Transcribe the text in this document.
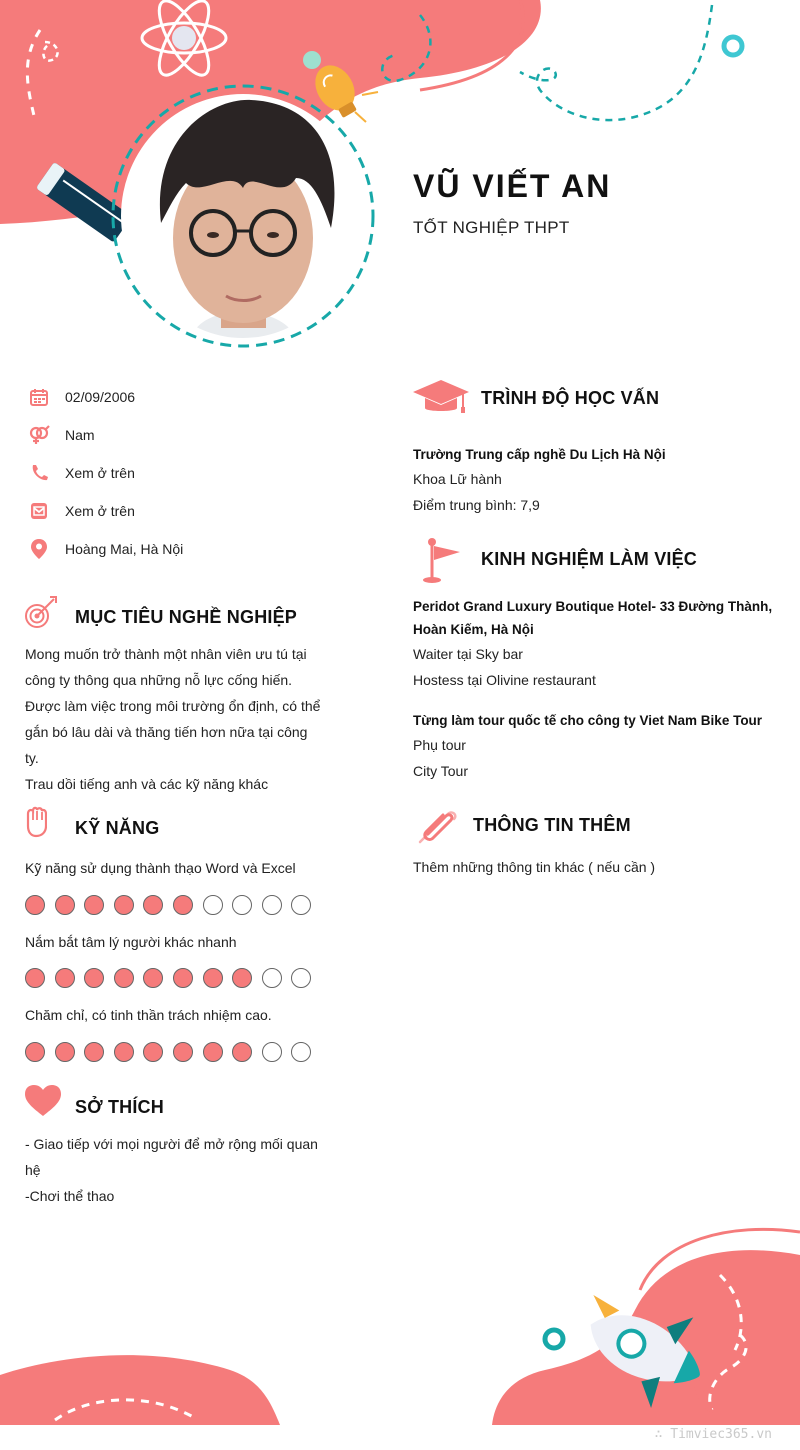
VŨ VIẾT AN
TỐT NGHIỆP THPT
02/09/2006
Nam
Xem ở trên
Xem ở trên
Hoàng Mai, Hà Nội
MỤC TIÊU NGHỀ NGHIỆP
Mong muốn trở thành một nhân viên ưu tú tại
công ty thông qua những nỗ lực cống hiến.
Được làm việc trong môi trường ổn định, có thể
gắn bó lâu dài và thăng tiến hơn nữa tại công
ty.
Trau dồi tiếng anh và các kỹ năng khác
KỸ NĂNG
Kỹ năng sử dụng thành thạo Word và Excel
Nắm bắt tâm lý người khác nhanh
Chăm chỉ, có tinh thần trách nhiệm cao.
SỞ THÍCH
- Giao tiếp với mọi người để mở rộng mối quan
hệ
-Chơi thể thao
TRÌNH ĐỘ HỌC VẤN
Trường Trung cấp nghề Du Lịch Hà Nội
Khoa Lữ hành
Điểm trung bình: 7,9
KINH NGHIỆM LÀM VIỆC
Peridot Grand Luxury Boutique Hotel- 33 Đường Thành,
Hoàn Kiếm, Hà Nội
Waiter tại Sky bar
Hostess tại Olivine restaurant
Từng làm tour quốc tế cho công ty Viet Nam Bike Tour
Phụ tour
City Tour
THÔNG TIN THÊM
Thêm những thông tin khác ( nếu cần )
∴ Timviec365.vn
